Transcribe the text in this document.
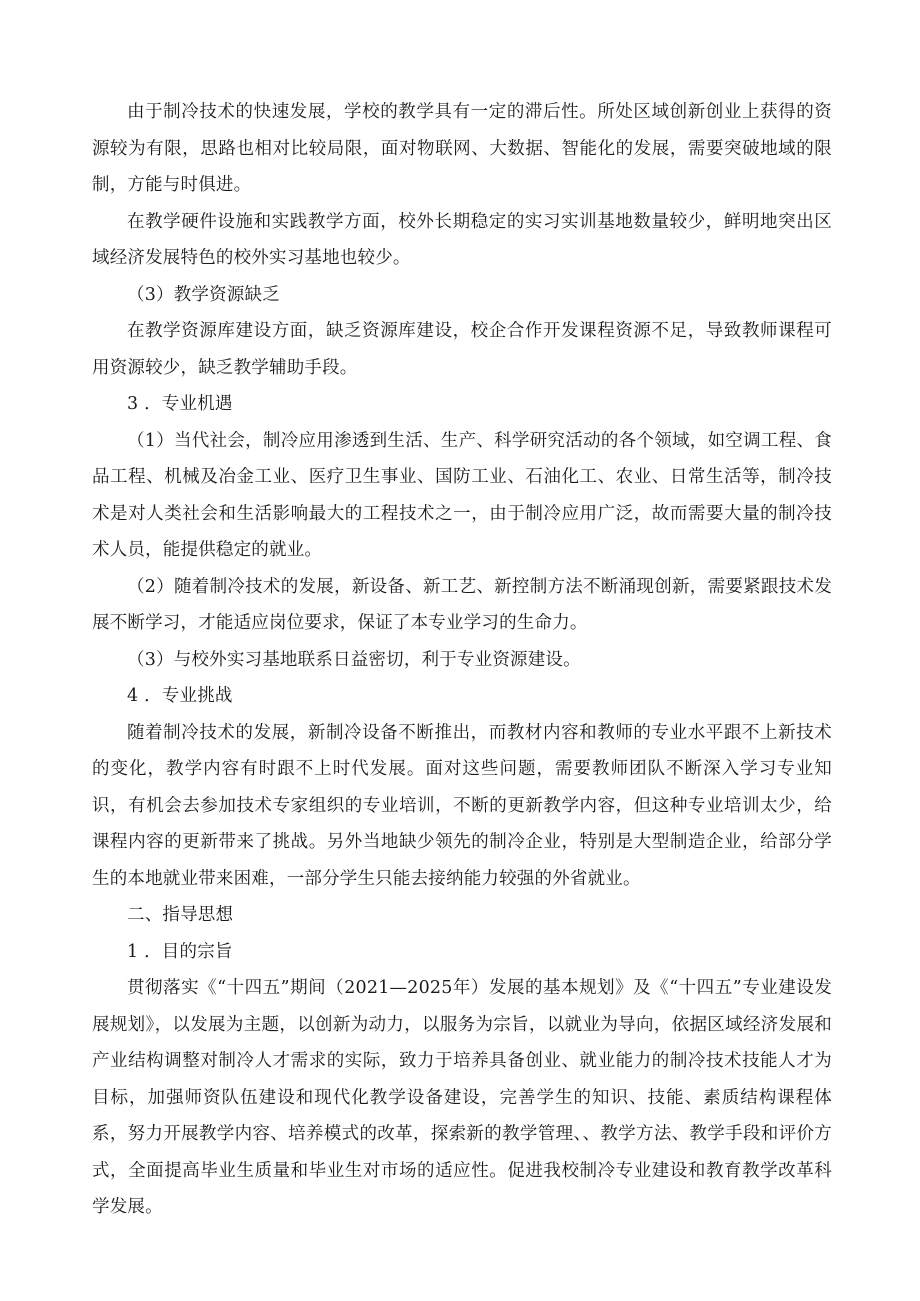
由于制冷技术的快速发展，学校的教学具有一定的滞后性。所处区域创新创业上获得的资源较为有限，思路也相对比较局限，面对物联网、大数据、智能化的发展，需要突破地域的限制，方能与时俱进。

在教学硬件设施和实践教学方面，校外长期稳定的实习实训基地数量较少，鲜明地突出区域经济发展特色的校外实习基地也较少。

（3）教学资源缺乏

在教学资源库建设方面，缺乏资源库建设，校企合作开发课程资源不足，导致教师课程可用资源较少，缺乏教学辅助手段。

3 ．专业机遇

（1）当代社会，制冷应用渗透到生活、生产、科学研究活动的各个领域，如空调工程、食品工程、机械及冶金工业、医疗卫生事业、国防工业、石油化工、农业、日常生活等，制冷技术是对人类社会和生活影响最大的工程技术之一，由于制冷应用广泛，故而需要大量的制冷技术人员，能提供稳定的就业。

（2）随着制冷技术的发展，新设备、新工艺、新控制方法不断涌现创新，需要紧跟技术发展不断学习，才能适应岗位要求，保证了本专业学习的生命力。

（3）与校外实习基地联系日益密切，利于专业资源建设。

4 ．专业挑战

随着制冷技术的发展，新制冷设备不断推出，而教材内容和教师的专业水平跟不上新技术的变化，教学内容有时跟不上时代发展。面对这些问题，需要教师团队不断深入学习专业知识，有机会去参加技术专家组织的专业培训，不断的更新教学内容，但这种专业培训太少，给课程内容的更新带来了挑战。另外当地缺少领先的制冷企业，特别是大型制造企业，给部分学生的本地就业带来困难，一部分学生只能去接纳能力较强的外省就业。

二、指导思想

1 ．目的宗旨

贯彻落实《“十四五”期间（2021—2025年）发展的基本规划》及《“十四五”专业建设发展规划》，以发展为主题，以创新为动力，以服务为宗旨，以就业为导向，依据区域经济发展和产业结构调整对制冷人才需求的实际，致力于培养具备创业、就业能力的制冷技术技能人才为目标，加强师资队伍建设和现代化教学设备建设，完善学生的知识、技能、素质结构课程体系，努力开展教学内容、培养模式的改革，探索新的教学管理、、教学方法、教学手段和评价方式，全面提高毕业生质量和毕业生对市场的适应性。促进我校制冷专业建设和教育教学改革科学发展。
